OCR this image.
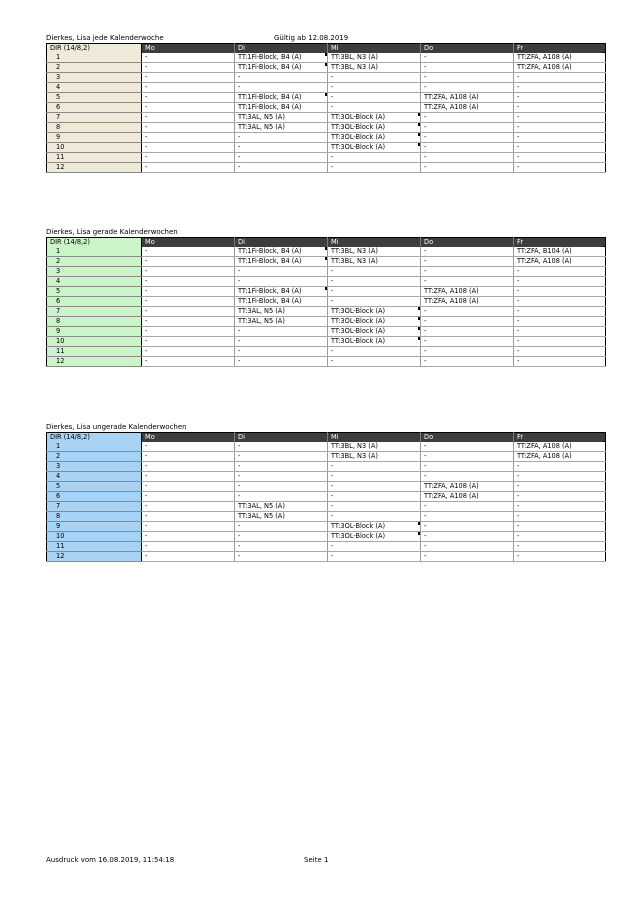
Dierkes, Lisa jede Kalenderwoche	Gültig ab 12.08.2019
DIR (14/8,2)	Mo	Di	Mi	Do	Fr
1	-	TT:1Fi-Block, B4 (A)	TT:3BL, N3 (A)	-	TT:ZFA, A108 (A)
2	-	TT:1Fi-Block, B4 (A)	TT:3BL, N3 (A)	-	TT:ZFA, A108 (A)
3	-	-	-	-	-
4	-	-	-	-	-
5	-	TT:1Fi-Block, B4 (A)	-	TT:ZFA, A108 (A)	-
6	-	TT:1Fi-Block, B4 (A)	-	TT:ZFA, A108 (A)	-
7	-	TT:3AL, N5 (A)	TT:3ÖL-Block (A)	-	-
8	-	TT:3AL, N5 (A)	TT:3ÖL-Block (A)	-	-
9	-	-	TT:3ÖL-Block (A)	-	-
10	-	-	TT:3ÖL-Block (A)	-	-
11	-	-	-	-	-
12	-	-	-	-	-
Dierkes, Lisa gerade Kalenderwochen
DIR (14/8,2)	Mo	Di	Mi	Do	Fr
1	-	TT:1Fi-Block, B4 (A)	TT:3BL, N3 (A)	-	TT:ZFA, B104 (A)
2	-	TT:1Fi-Block, B4 (A)	TT:3BL, N3 (A)	-	TT:ZFA, A108 (A)
3	-	-	-	-	-
4	-	-	-	-	-
5	-	TT:1Fi-Block, B4 (A)	-	TT:ZFA, A108 (A)	-
6	-	TT:1Fi-Block, B4 (A)	-	TT:ZFA, A108 (A)	-
7	-	TT:3AL, N5 (A)	TT:3ÖL-Block (A)	-	-
8	-	TT:3AL, N5 (A)	TT:3ÖL-Block (A)	-	-
9	-	-	TT:3ÖL-Block (A)	-	-
10	-	-	TT:3ÖL-Block (A)	-	-
11	-	-	-	-	-
12	-	-	-	-	-
Dierkes, Lisa ungerade Kalenderwochen
DIR (14/8,2)	Mo	Di	Mi	Do	Fr
1	-	-	TT:3BL, N3 (A)	-	TT:ZFA, A108 (A)
2	-	-	TT:3BL, N3 (A)	-	TT:ZFA, A108 (A)
3	-	-	-	-	-
4	-	-	-	-	-
5	-	-	-	TT:ZFA, A108 (A)	-
6	-	-	-	TT:ZFA, A108 (A)	-
7	-	TT:3AL, N5 (A)	-	-	-
8	-	TT:3AL, N5 (A)	-	-	-
9	-	-	TT:3ÖL-Block (A)	-	-
10	-	-	TT:3ÖL-Block (A)	-	-
11	-	-	-	-	-
12	-	-	-	-	-
Ausdruck vom 16.08.2019, 11:54:18	Seite 1
